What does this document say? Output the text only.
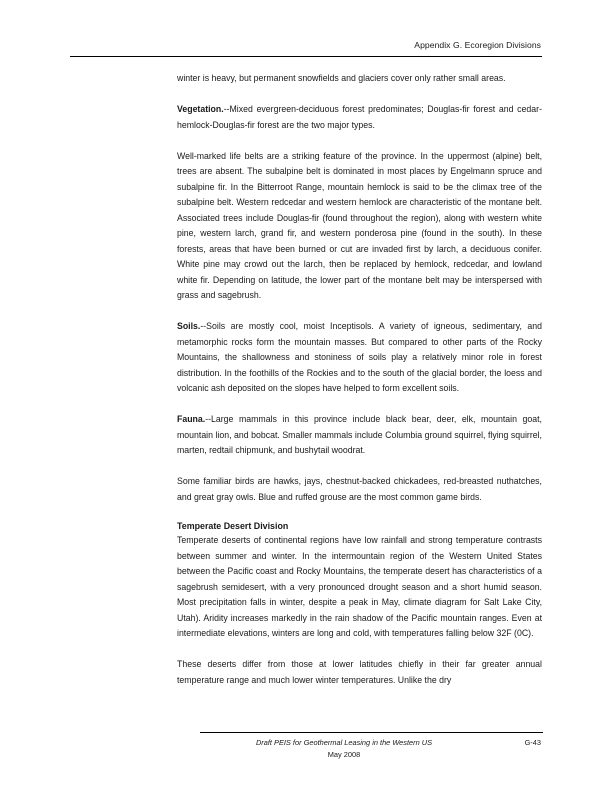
Appendix G. Ecoregion Divisions

winter is heavy, but permanent snowfields and glaciers cover only rather small areas.

Vegetation.--Mixed evergreen-deciduous forest predominates; Douglas-fir forest and cedar-hemlock-Douglas-fir forest are the two major types.

Well-marked life belts are a striking feature of the province. In the uppermost (alpine) belt, trees are absent. The subalpine belt is dominated in most places by Engelmann spruce and subalpine fir. In the Bitterroot Range, mountain hemlock is said to be the climax tree of the subalpine belt. Western redcedar and western hemlock are characteristic of the montane belt. Associated trees include Douglas-fir (found throughout the region), along with western white pine, western larch, grand fir, and western ponderosa pine (found in the south). In these forests, areas that have been burned or cut are invaded first by larch, a deciduous conifer. White pine may crowd out the larch, then be replaced by hemlock, redcedar, and lowland white fir. Depending on latitude, the lower part of the montane belt may be interspersed with grass and sagebrush.

Soils.--Soils are mostly cool, moist Inceptisols. A variety of igneous, sedimentary, and metamorphic rocks form the mountain masses. But compared to other parts of the Rocky Mountains, the shallowness and stoniness of soils play a relatively minor role in forest distribution. In the foothills of the Rockies and to the south of the glacial border, the loess and volcanic ash deposited on the slopes have helped to form excellent soils.

Fauna.--Large mammals in this province include black bear, deer, elk, mountain goat, mountain lion, and bobcat. Smaller mammals include Columbia ground squirrel, flying squirrel, marten, redtail chipmunk, and bushytail woodrat.

Some familiar birds are hawks, jays, chestnut-backed chickadees, red-breasted nuthatches, and great gray owls. Blue and ruffed grouse are the most common game birds.

Temperate Desert Division

Temperate deserts of continental regions have low rainfall and strong temperature contrasts between summer and winter. In the intermountain region of the Western United States between the Pacific coast and Rocky Mountains, the temperate desert has characteristics of a sagebrush semidesert, with a very pronounced drought season and a short humid season. Most precipitation falls in winter, despite a peak in May, climate diagram for Salt Lake City, Utah). Aridity increases markedly in the rain shadow of the Pacific mountain ranges. Even at intermediate elevations, winters are long and cold, with temperatures falling below 32F (0C).

These deserts differ from those at lower latitudes chiefly in their far greater annual temperature range and much lower winter temperatures. Unlike the dry

Draft PEIS for Geothermal Leasing in the Western US
May 2008
G-43
